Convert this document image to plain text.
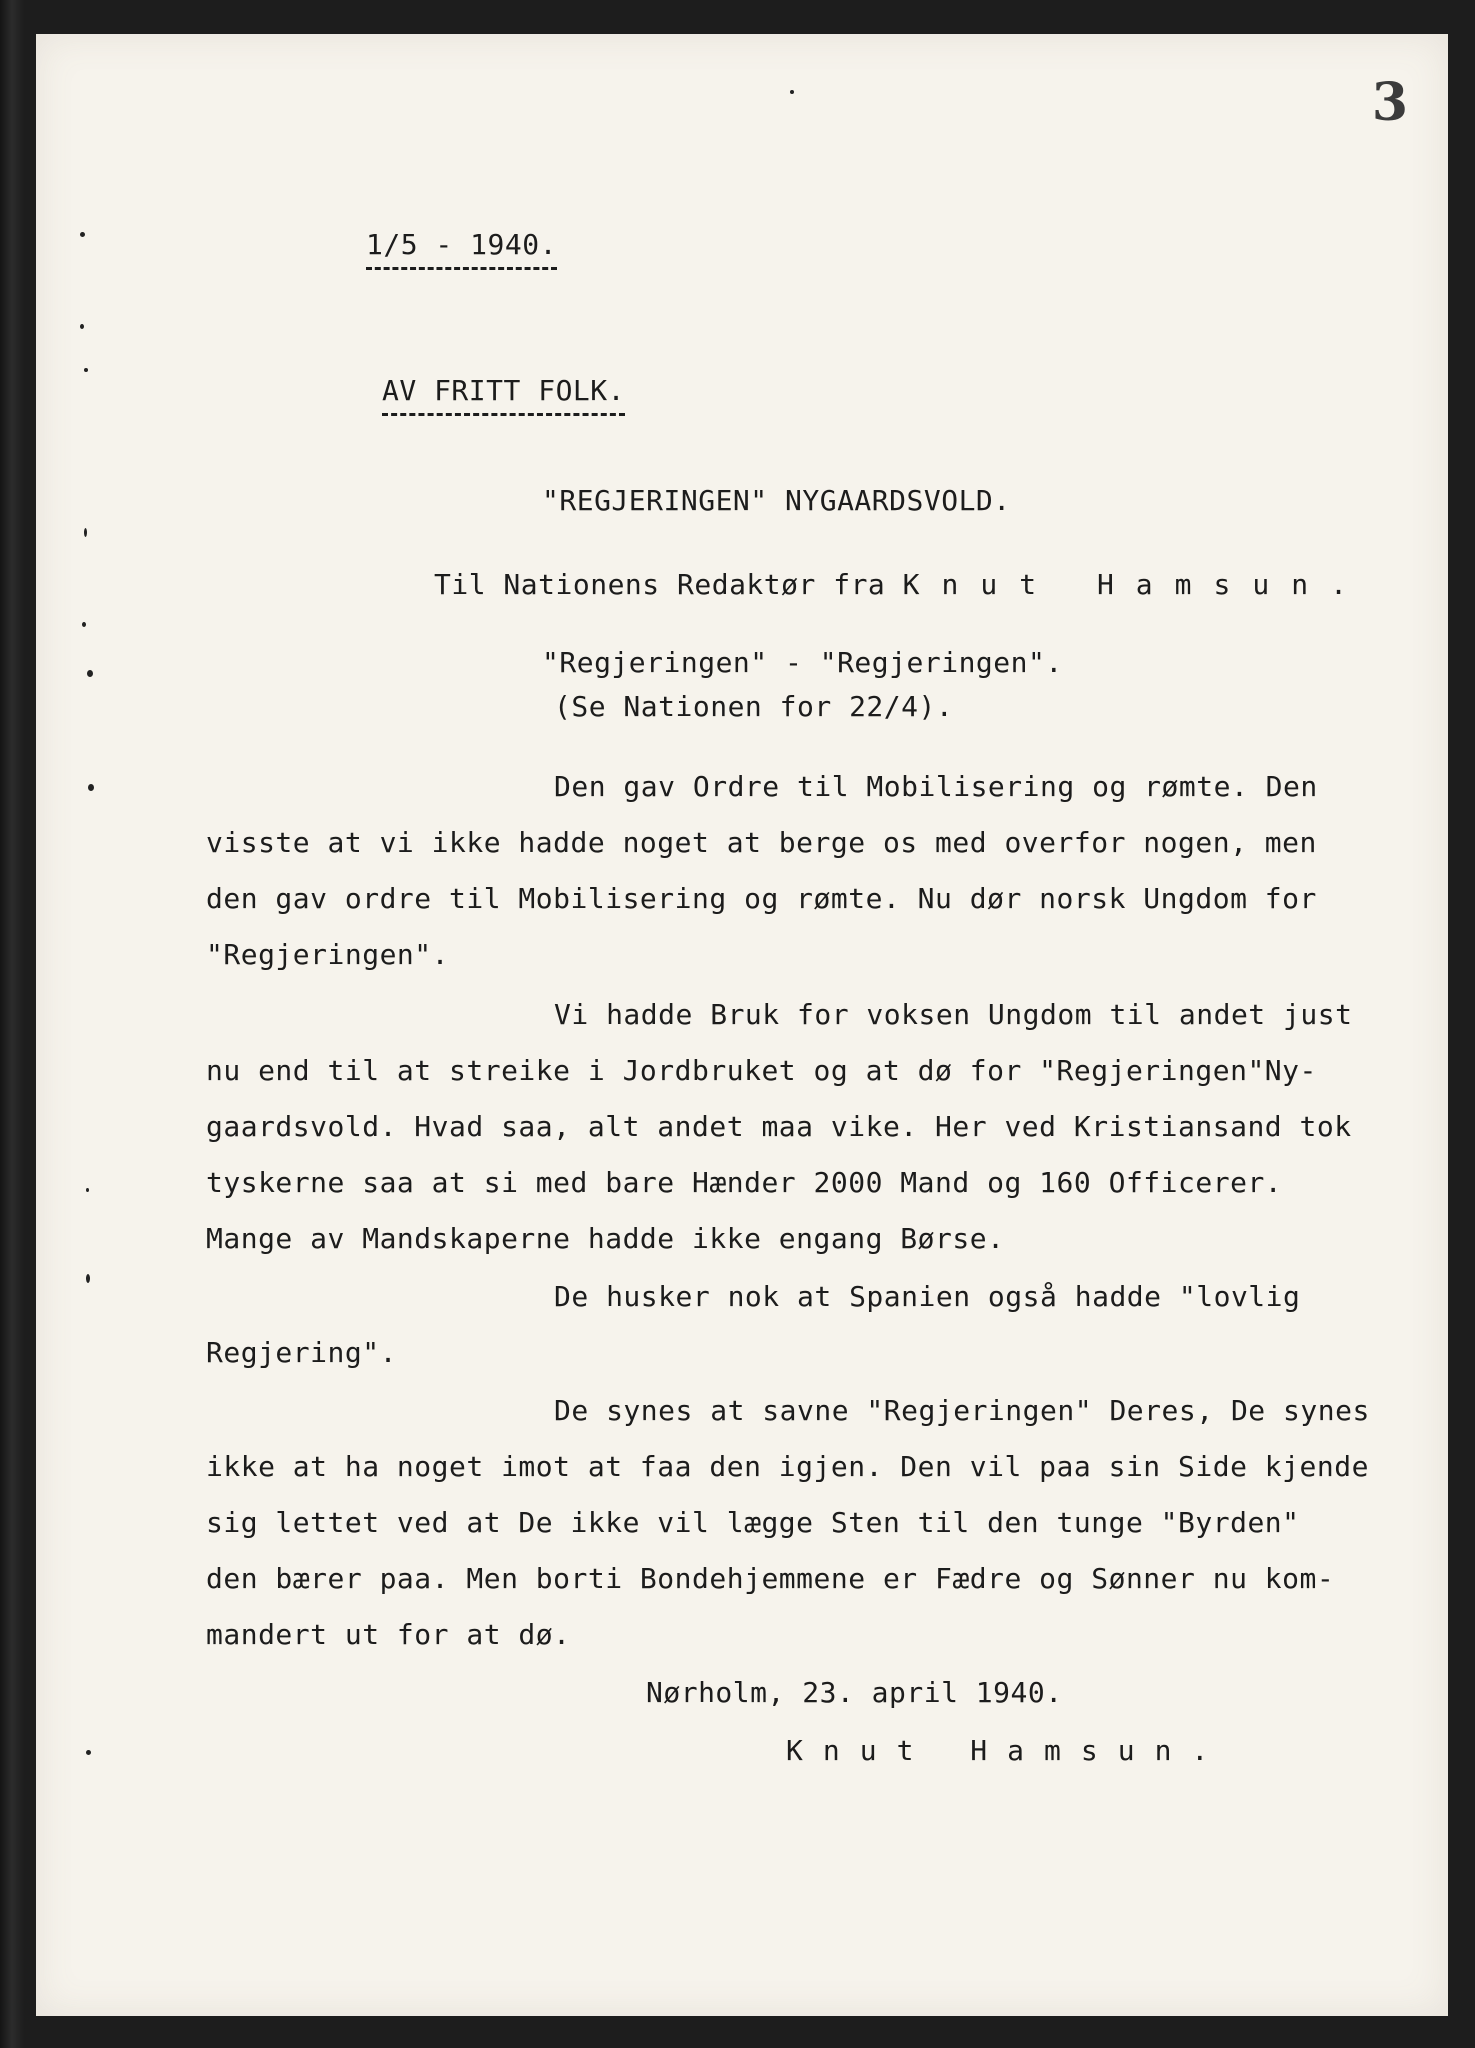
3
1/5 - 1940.
AV FRITT FOLK.
"REGJERINGEN" NYGAARDSVOLD.
Til Nationens Redaktør fra Knut Hamsun.
"Regjeringen" - "Regjeringen".
(Se Nationen for 22/4).
Den gav Ordre til Mobilisering og rømte. Den
visste at vi ikke hadde noget at berge os med overfor nogen, men
den gav ordre til Mobilisering og rømte. Nu dør norsk Ungdom for
"Regjeringen".
Vi hadde Bruk for voksen Ungdom til andet just
nu end til at streike i Jordbruket og at dø for "Regjeringen"Ny-
gaardsvold. Hvad saa, alt andet maa vike. Her ved Kristiansand tok
tyskerne saa at si med bare Hænder 2000 Mand og 160 Officerer.
Mange av Mandskaperne hadde ikke engang Børse.
De husker nok at Spanien også hadde "lovlig
Regjering".
De synes at savne "Regjeringen" Deres, De synes
ikke at ha noget imot at faa den igjen. Den vil paa sin Side kjende
sig lettet ved at De ikke vil lægge Sten til den tunge "Byrden"
den bærer paa. Men borti Bondehjemmene er Fædre og Sønner nu kom-
mandert ut for at dø.
Nørholm, 23. april 1940.
Knut Hamsun.
